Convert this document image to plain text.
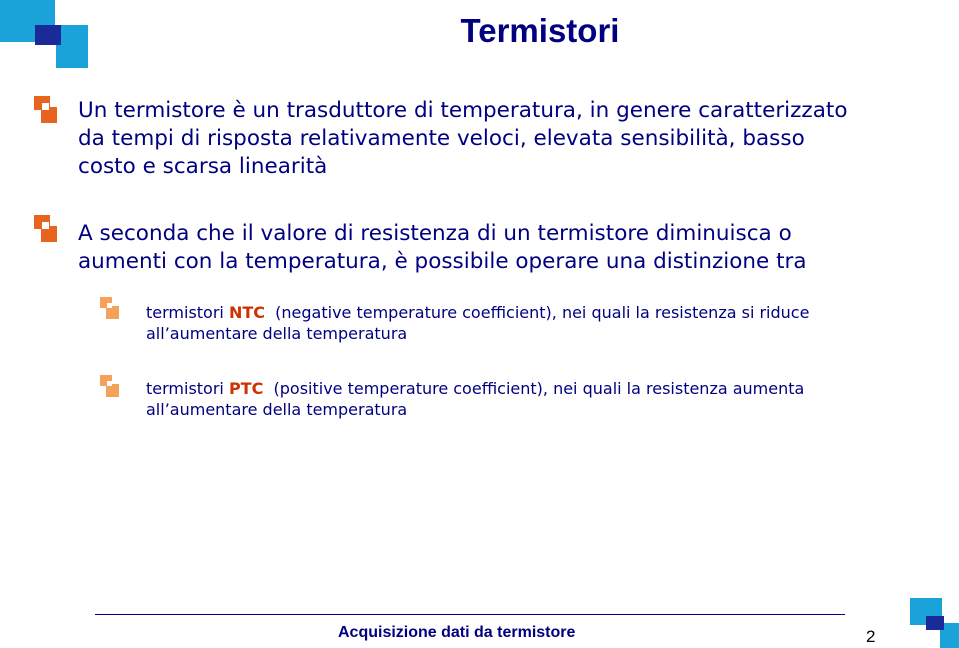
Termistori
Un termistore è un trasduttore di temperatura, in genere caratterizzato
da tempi di risposta relativamente veloci, elevata sensibilità, basso
costo e scarsa linearità
A seconda che il valore di resistenza di un termistore diminuisca o
aumenti con la temperatura, è possibile operare una distinzione tra
termistori NTC  (negative temperature coefficient), nei quali la resistenza si riduce
all’aumentare della temperatura
termistori PTC  (positive temperature coefficient), nei quali la resistenza aumenta
all’aumentare della temperatura
Acquisizione dati da termistore	2
